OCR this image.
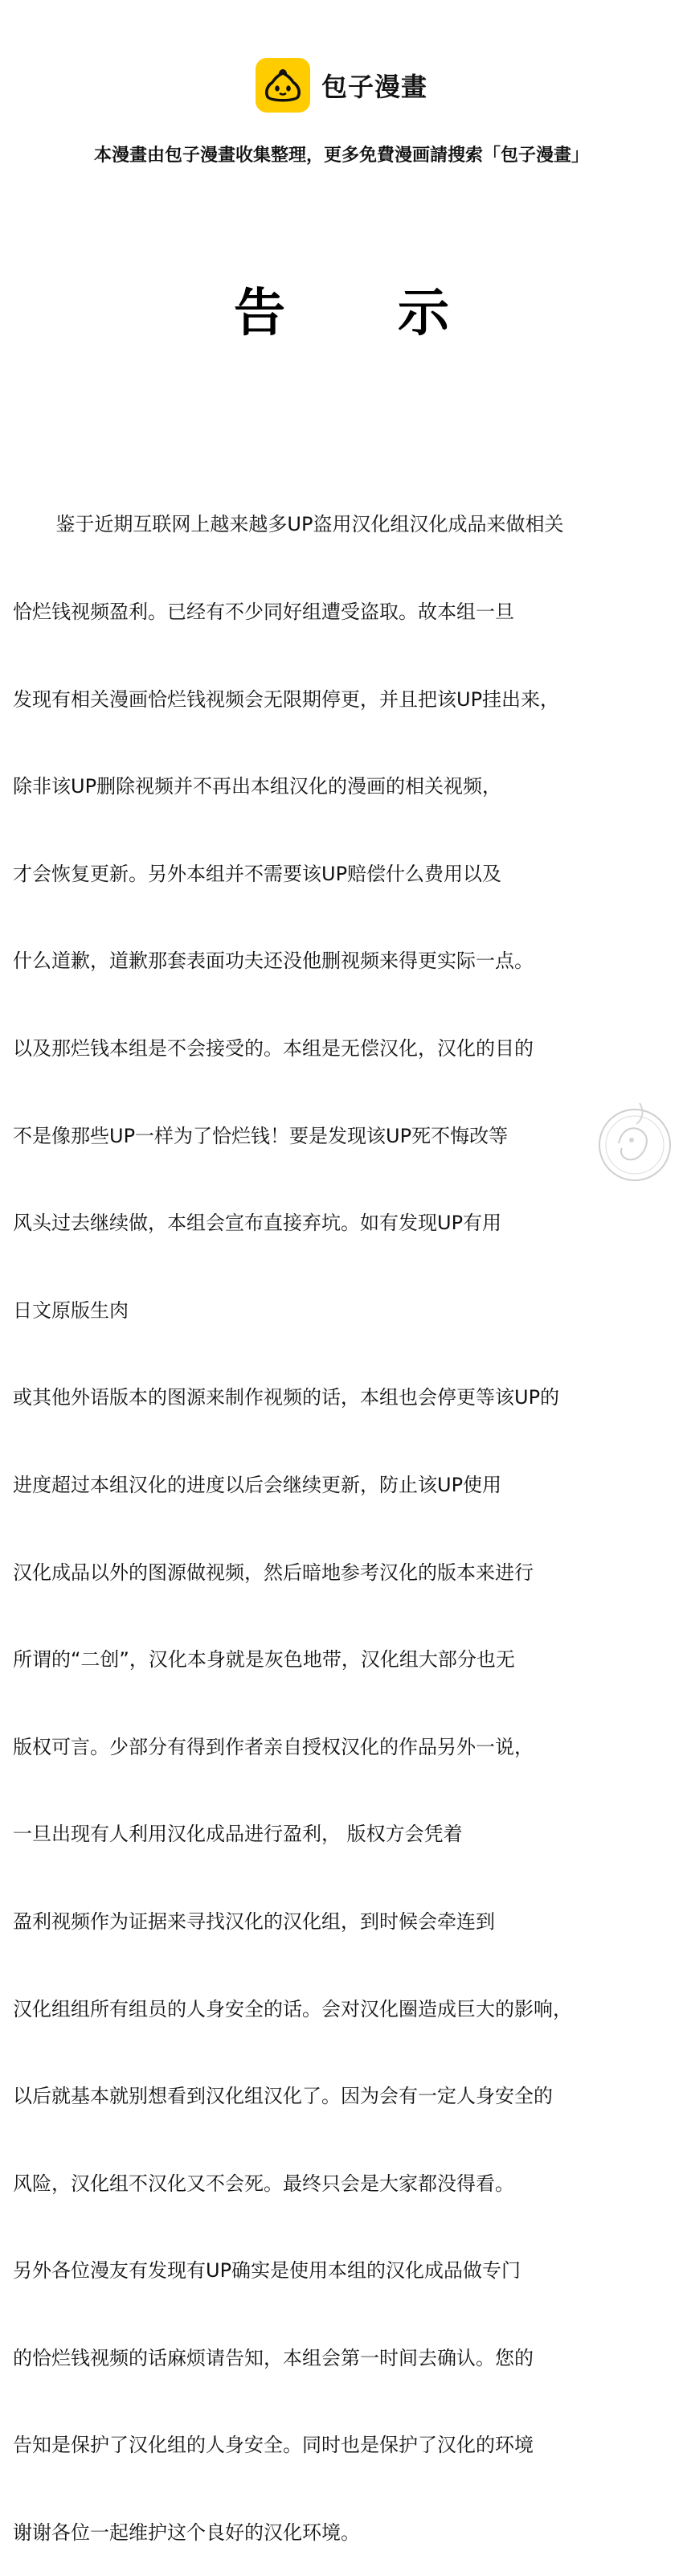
包子漫畫
本漫畫由包子漫畫收集整理，更多免費漫画請搜索「包子漫畫」
告 示

鉴于近期互联网上越来越多UP盗用汉化组汉化成品来做相关

恰烂钱视频盈利。已经有不少同好组遭受盗取。故本组一旦

发现有相关漫画恰烂钱视频会无限期停更，并且把该UP挂出来，

除非该UP删除视频并不再出本组汉化的漫画的相关视频，

才会恢复更新。另外本组并不需要该UP赔偿什么费用以及

什么道歉，道歉那套表面功夫还没他删视频来得更实际一点。

以及那烂钱本组是不会接受的。本组是无偿汉化，汉化的目的

不是像那些UP一样为了恰烂钱！要是发现该UP死不悔改等

风头过去继续做，本组会宣布直接弃坑。如有发现UP有用

日文原版生肉

或其他外语版本的图源来制作视频的话，本组也会停更等该UP的

进度超过本组汉化的进度以后会继续更新，防止该UP使用

汉化成品以外的图源做视频，然后暗地参考汉化的版本来进行

所谓的“二创”，汉化本身就是灰色地带，汉化组大部分也无

版权可言。少部分有得到作者亲自授权汉化的作品另外一说，

一旦出现有人利用汉化成品进行盈利， 版权方会凭着

盈利视频作为证据来寻找汉化的汉化组，到时候会牵连到

汉化组组所有组员的人身安全的话。会对汉化圈造成巨大的影响，

以后就基本就别想看到汉化组汉化了。因为会有一定人身安全的

风险，汉化组不汉化又不会死。最终只会是大家都没得看。

另外各位漫友有发现有UP确实是使用本组的汉化成品做专门

的恰烂钱视频的话麻烦请告知，本组会第一时间去确认。您的

告知是保护了汉化组的人身安全。同时也是保护了汉化的环境

谢谢各位一起维护这个良好的汉化环境。
